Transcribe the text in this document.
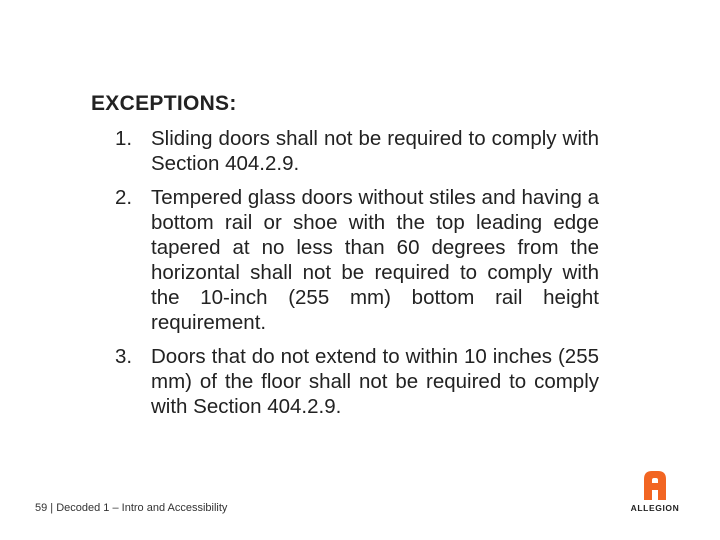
EXCEPTIONS:
1. Sliding doors shall not be required to comply with Section 404.2.9.
2. Tempered glass doors without stiles and having a bottom rail or shoe with the top leading edge tapered at no less than 60 degrees from the horizontal shall not be required to comply with the 10-inch (255 mm) bottom rail height requirement.
3. Doors that do not extend to within 10 inches (255 mm) of the floor shall not be required to comply with Section 404.2.9.
59 | Decoded 1 – Intro and Accessibility	ALLEGION
